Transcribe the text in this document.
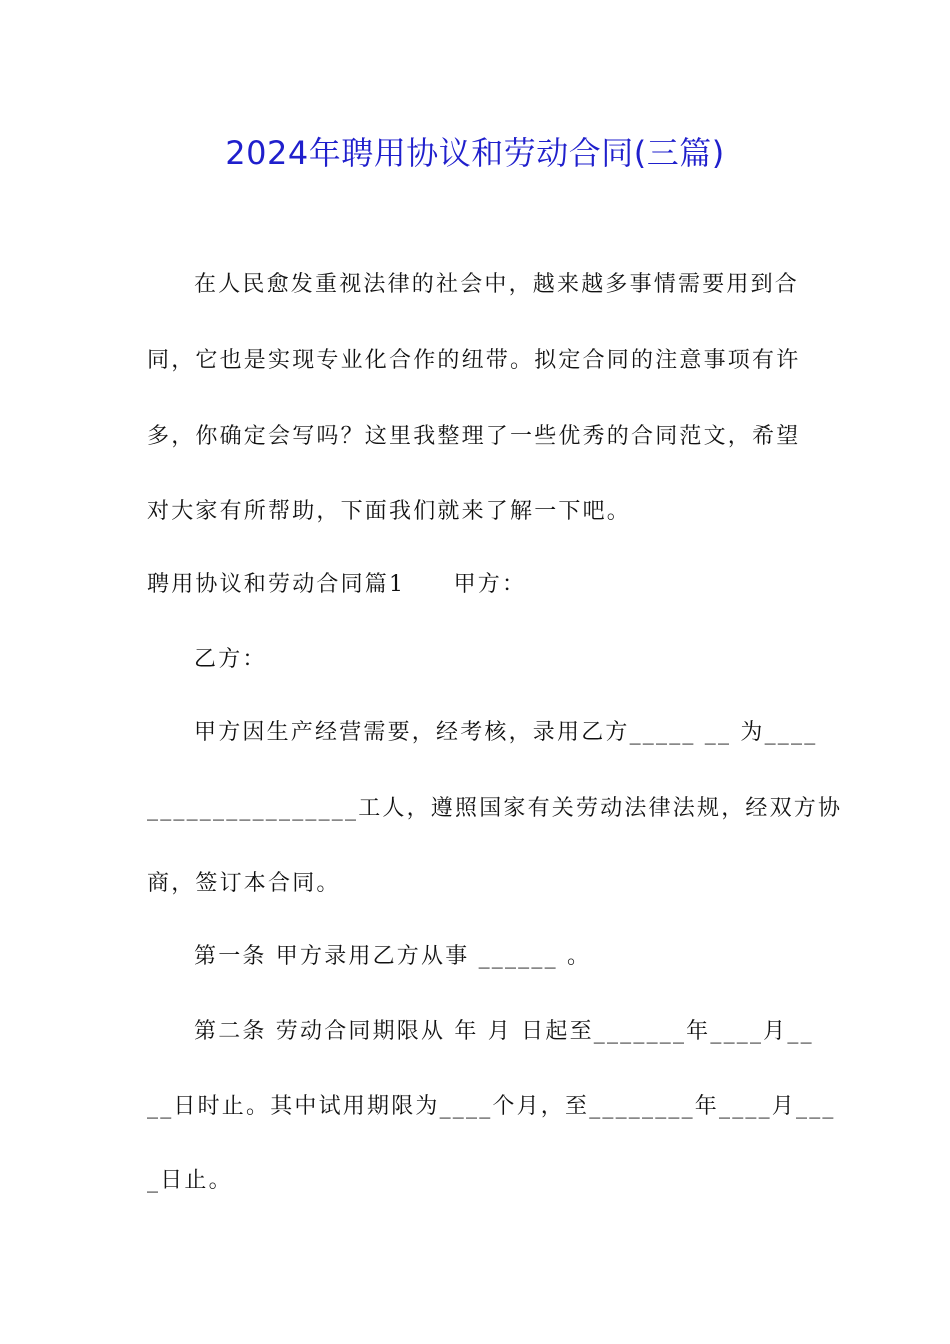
2024年聘用协议和劳动合同(三篇)
在人民愈发重视法律的社会中，越来越多事情需要用到合
同，它也是实现专业化合作的纽带。拟定合同的注意事项有许
多，你确定会写吗？这里我整理了一些优秀的合同范文，希望
对大家有所帮助，下面我们就来了解一下吧。
聘用协议和劳动合同篇1　　甲方：
乙方：
甲方因生产经营需要，经考核，录用乙方_____ __ 为____
________________工人，遵照国家有关劳动法律法规，经双方协
商，签订本合同。
第一条 甲方录用乙方从事 ______ 。
第二条 劳动合同期限从 年 月 日起至_______年____月__
__日时止。其中试用期限为____个月，至________年____月___
_日止。
